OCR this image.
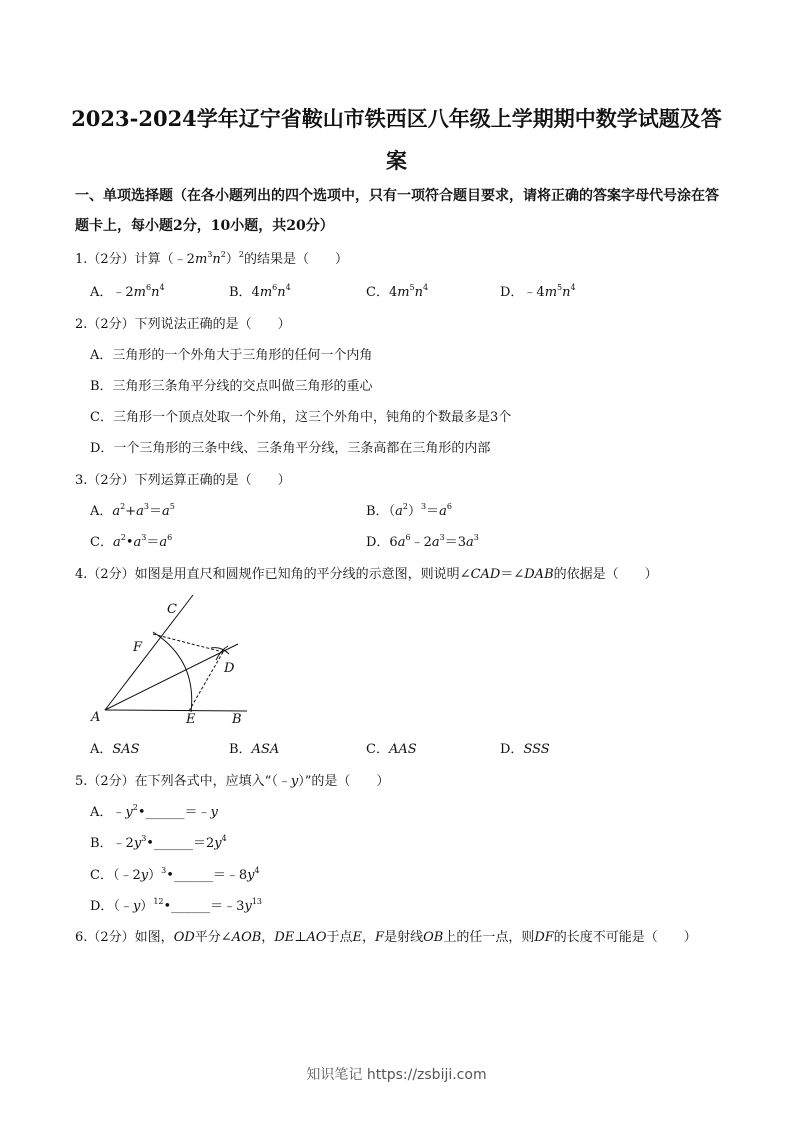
2023-2024学年辽宁省鞍山市铁西区八年级上学期期中数学试题及答
案
一、单项选择题（在各小题列出的四个选项中，只有一项符合题目要求，请将正确的答案字母代号涂在答
题卡上，每小题2分，10小题，共20分）
1.（2分）计算$(﹣2m^3n^2)^2$的结果是（　　）
A．$﹣2m^6n^4$	B．$4m^6n^4$	C．$4m^5n^4$	D．$﹣4m^5n^4$
2.（2分）下列说法正确的是（　　）
A．三角形的一个外角大于三角形的任何一个内角
B．三角形三条角平分线的交点叫做三角形的重心
C．三角形一个顶点处取一个外角，这三个外角中，钝角的个数最多是3个
D．一个三角形的三条中线、三条角平分线，三条高都在三角形的内部
3.（2分）下列运算正确的是（　　）
A．$a^2+a^3=a^5$	B．$(a^2)^3=a^6$
C．$a^2•a^3=a^6$	D．$6a^6﹣2a^3=3a^3$
4.（2分）如图是用直尺和圆规作已知角的平分线的示意图，则说明∠CAD＝∠DAB的依据是（　　）
C
F
D
A	E	B
A．SAS	B．ASA	C．AAS	D．SSS
5.（2分）在下列各式中，应填入“（﹣y）”的是（　　）
A．$﹣y^2•\_\_\_\_\_\_=﹣y$
B．$﹣2y^3•\_\_\_\_\_\_=2y^4$
C．$(﹣2y)^3•\_\_\_\_\_\_=﹣8y^4$
D．$(﹣y)^{12}•\_\_\_\_\_\_=﹣3y^{13}$
6.（2分）如图，OD平分∠AOB，DE⊥AO于点E，F是射线OB上的任一点，则DF的长度不可能是（　　）
知识笔记 https://zsbiji.com
